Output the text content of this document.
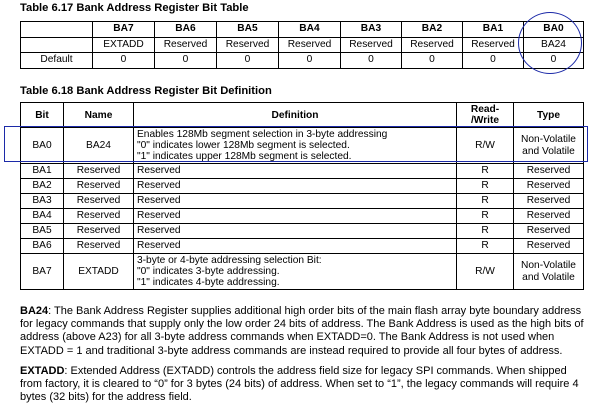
Table 6.17 Bank Address Register Bit Table
	BA7	BA6	BA5	BA4	BA3	BA2	BA1	BA0
	EXTADD	Reserved	Reserved	Reserved	Reserved	Reserved	Reserved	BA24
Default	0	0	0	0	0	0	0	0
Table 6.18 Bank Address Register Bit Definition
Bit	Name	Definition	Read-
/Write	Type
BA0	BA24	Enables 128Mb segment selection in 3-byte addressing
"0" indicates lower 128Mb segment is selected.
"1" indicates upper 128Mb segment is selected.	R/W	Non-Volatile and Volatile
BA1	Reserved	Reserved	R	Reserved
BA2	Reserved	Reserved	R	Reserved
BA3	Reserved	Reserved	R	Reserved
BA4	Reserved	Reserved	R	Reserved
BA5	Reserved	Reserved	R	Reserved
BA6	Reserved	Reserved	R	Reserved
BA7	EXTADD	3-byte or 4-byte addressing selection Bit:
"0" indicates 3-byte addressing.
"1" indicates 4-byte addressing.	R/W	Non-Volatile and Volatile
BA24: The Bank Address Register supplies additional high order bits of the main flash array byte boundary address for legacy commands that supply only the low order 24 bits of address. The Bank Address is used as the high bits of address (above A23) for all 3-byte address commands when EXTADD=0. The Bank Address is not used when EXTADD = 1 and traditional 3-byte address commands are instead required to provide all four bytes of address.
EXTADD: Extended Address (EXTADD) controls the address field size for legacy SPI commands. When shipped from factory, it is cleared to “0” for 3 bytes (24 bits) of address. When set to “1”, the legacy commands will require 4 bytes (32 bits) for the address field.
